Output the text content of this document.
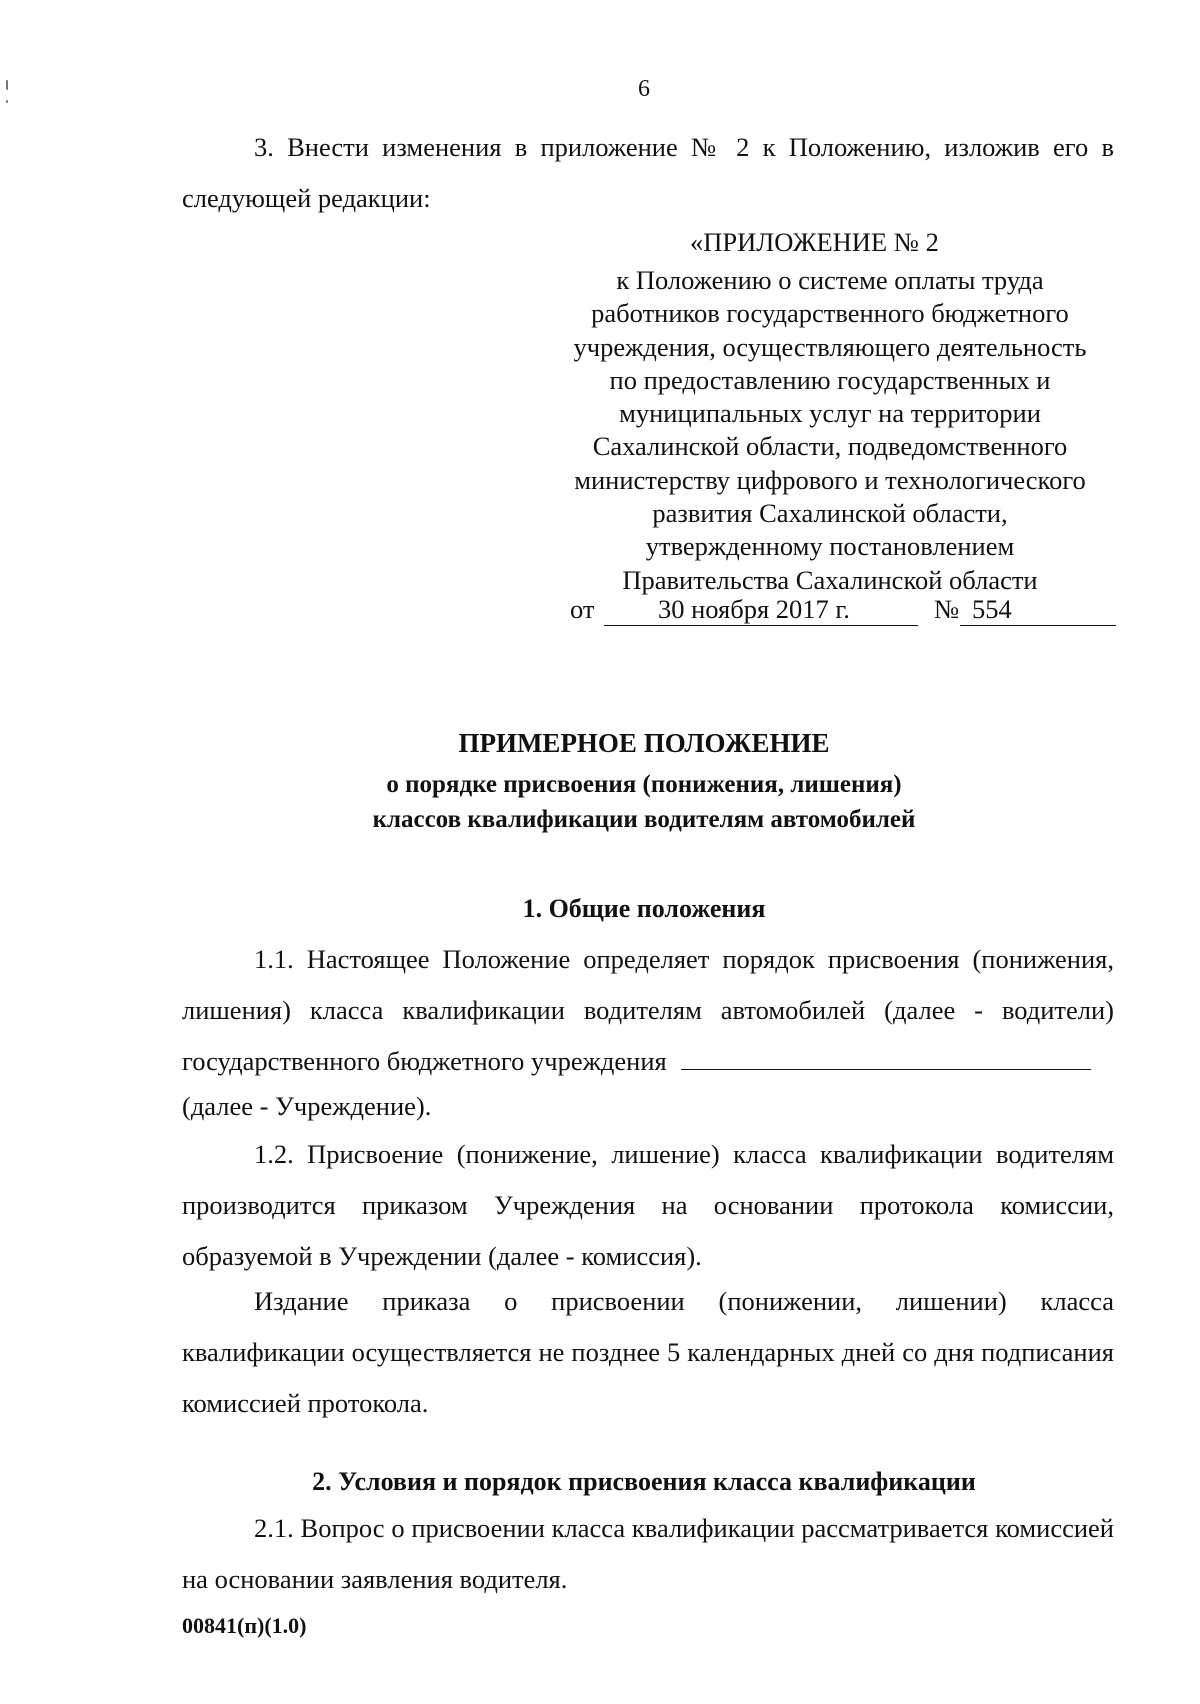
6
3. Внести изменения в приложение № 2 к Положению, изложив его в следующей редакции:
«ПРИЛОЖЕНИЕ № 2
к Положению о системе оплаты труда
работников государственного бюджетного
учреждения, осуществляющего деятельность
по предоставлению государственных и
муниципальных услуг на территории
Сахалинской области, подведомственного
министерству цифрового и технологического
развития Сахалинской области,
утвержденному постановлением
Правительства Сахалинской области
от 30 ноября 2017 г.	№ 554
ПРИМЕРНОЕ ПОЛОЖЕНИЕ
о порядке присвоения (понижения, лишения)
классов квалификации водителям автомобилей
1. Общие положения
1.1. Настоящее Положение определяет порядок присвоения (понижения, лишения) класса квалификации водителям автомобилей (далее - водители) государственного бюджетного учреждения
(далее - Учреждение).
1.2. Присвоение (понижение, лишение) класса квалификации водителям производится приказом Учреждения на основании протокола комиссии, образуемой в Учреждении (далее - комиссия).
Издание приказа о присвоении (понижении, лишении) класса квалификации осуществляется не позднее 5 календарных дней со дня подписания комиссией протокола.
2. Условия и порядок присвоения класса квалификации
2.1. Вопрос о присвоении класса квалификации рассматривается комиссией на основании заявления водителя.
00841(п)(1.0)
